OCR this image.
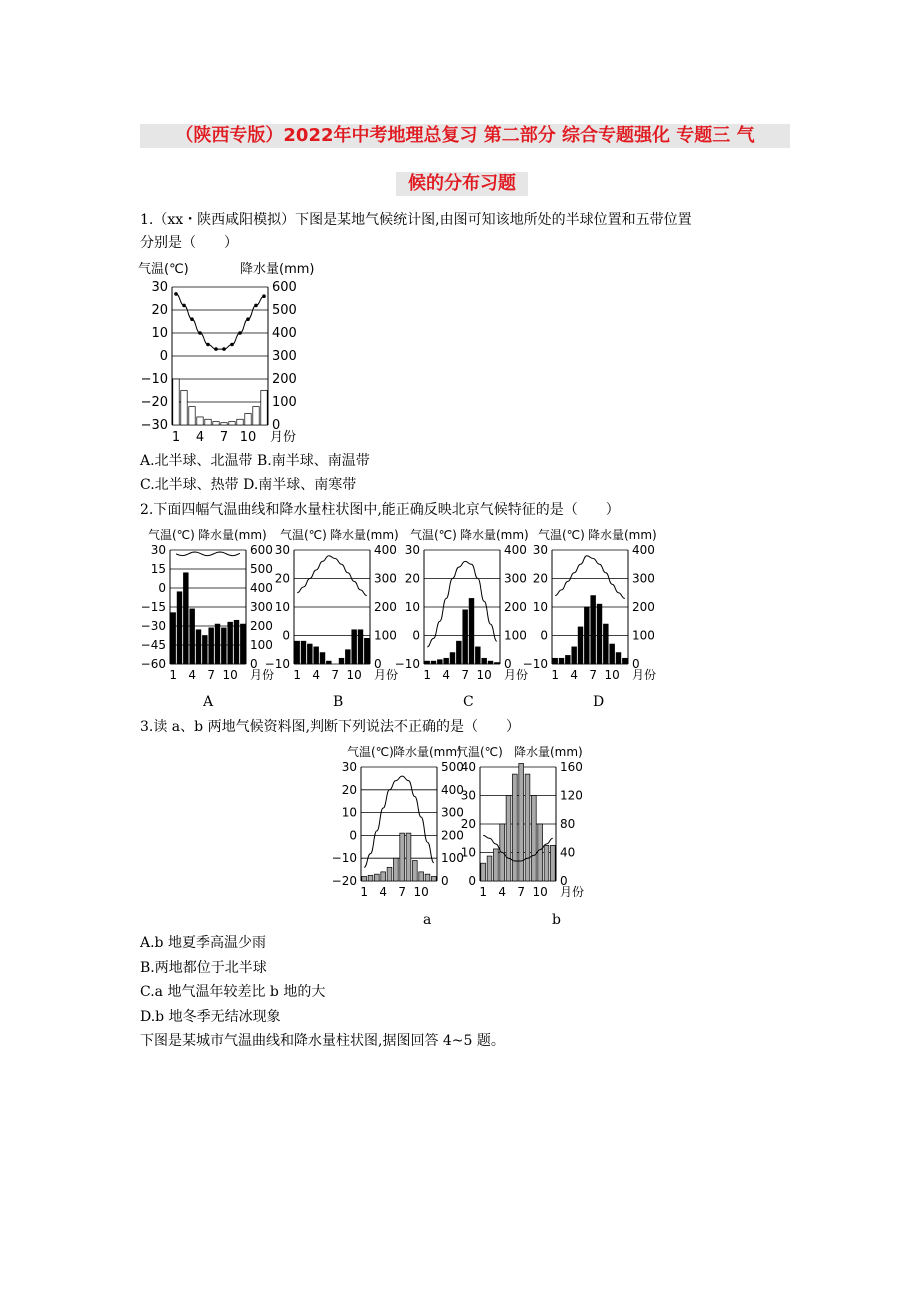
（陕西专版）2022年中考地理总复习 第二部分 综合专题强化 专题三 气
候的分布习题
1.（xx・陕西咸阳模拟）下图是某地气候统计图,由图可知该地所处的半球位置和五带位置
分别是（　　）
气温(℃)	降水量(mm)
30
20
10
0
−10
−20
−30
600
500
400
300
200
100
0
1 4 7 10 月份
A.北半球、北温带 B.南半球、南温带
C.北半球、热带 D.南半球、南寒带
2.下面四幅气温曲线和降水量柱状图中,能正确反映北京气候特征的是（　　）
气温(℃) 降水量(mm)
30
15
0
−15
−30
−45
−60
600
500
400
300
200
100
0
1 4 7 10 月份
气温(℃) 降水量(mm)
30
20
10
0
−10
400
300
200
100
0
1 4 7 10 月份
气温(℃) 降水量(mm)
30
20
10
0
−10
400
300
200
100
0
1 4 7 10 月份
气温(℃) 降水量(mm)
30
20
10
0
−10
400
300
200
100
0
1 4 7 10 月份
A	B	C	D
3.读 a、b 两地气候资料图,判断下列说法不正确的是（　　）
气温(℃) 降水量(mm)
30
20
10
0
−10
−20
500
400
300
200
100
0
1 4 7 10
气温(℃) 降水量(mm)
40
30
20
10
0
160
120
80
40
0
1 4 7 10 月份
a	b
A.b 地夏季高温少雨
B.两地都位于北半球
C.a 地气温年较差比 b 地的大
D.b 地冬季无结冰现象
下图是某城市气温曲线和降水量柱状图,据图回答 4~5 题。
